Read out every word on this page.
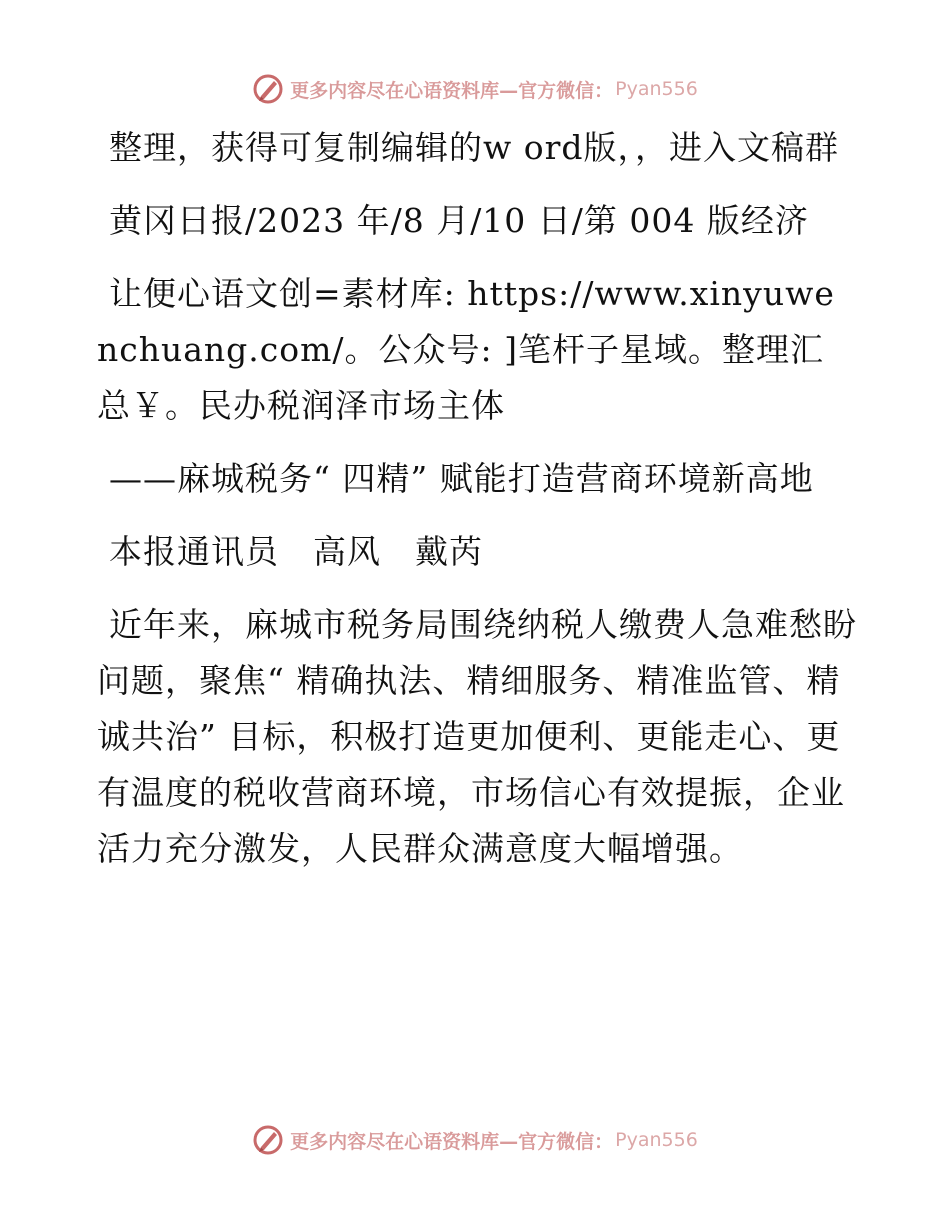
更多内容尽在心语资料库—官方微信： Pyan556

整理，获得可复制编辑的w ord版，，进入文稿群

黄冈日报/2023 年/8 月/10 日/第 004 版经济

让便心语文创=素材库: https://www.xinyuwenchuang.com/。公众号: ]笔杆子星域。整理汇总￥。民办税润泽市场主体

——麻城税务“ 四精” 赋能打造营商环境新高地

本报通讯员　高风　戴芮

近年来，麻城市税务局围绕纳税人缴费人急难愁盼问题，聚焦“ 精确执法、精细服务、精准监管、精诚共治” 目标，积极打造更加便利、更能走心、更有温度的税收营商环境，市场信心有效提振，企业活力充分激发，人民群众满意度大幅增强。

更多内容尽在心语资料库—官方微信： Pyan556
